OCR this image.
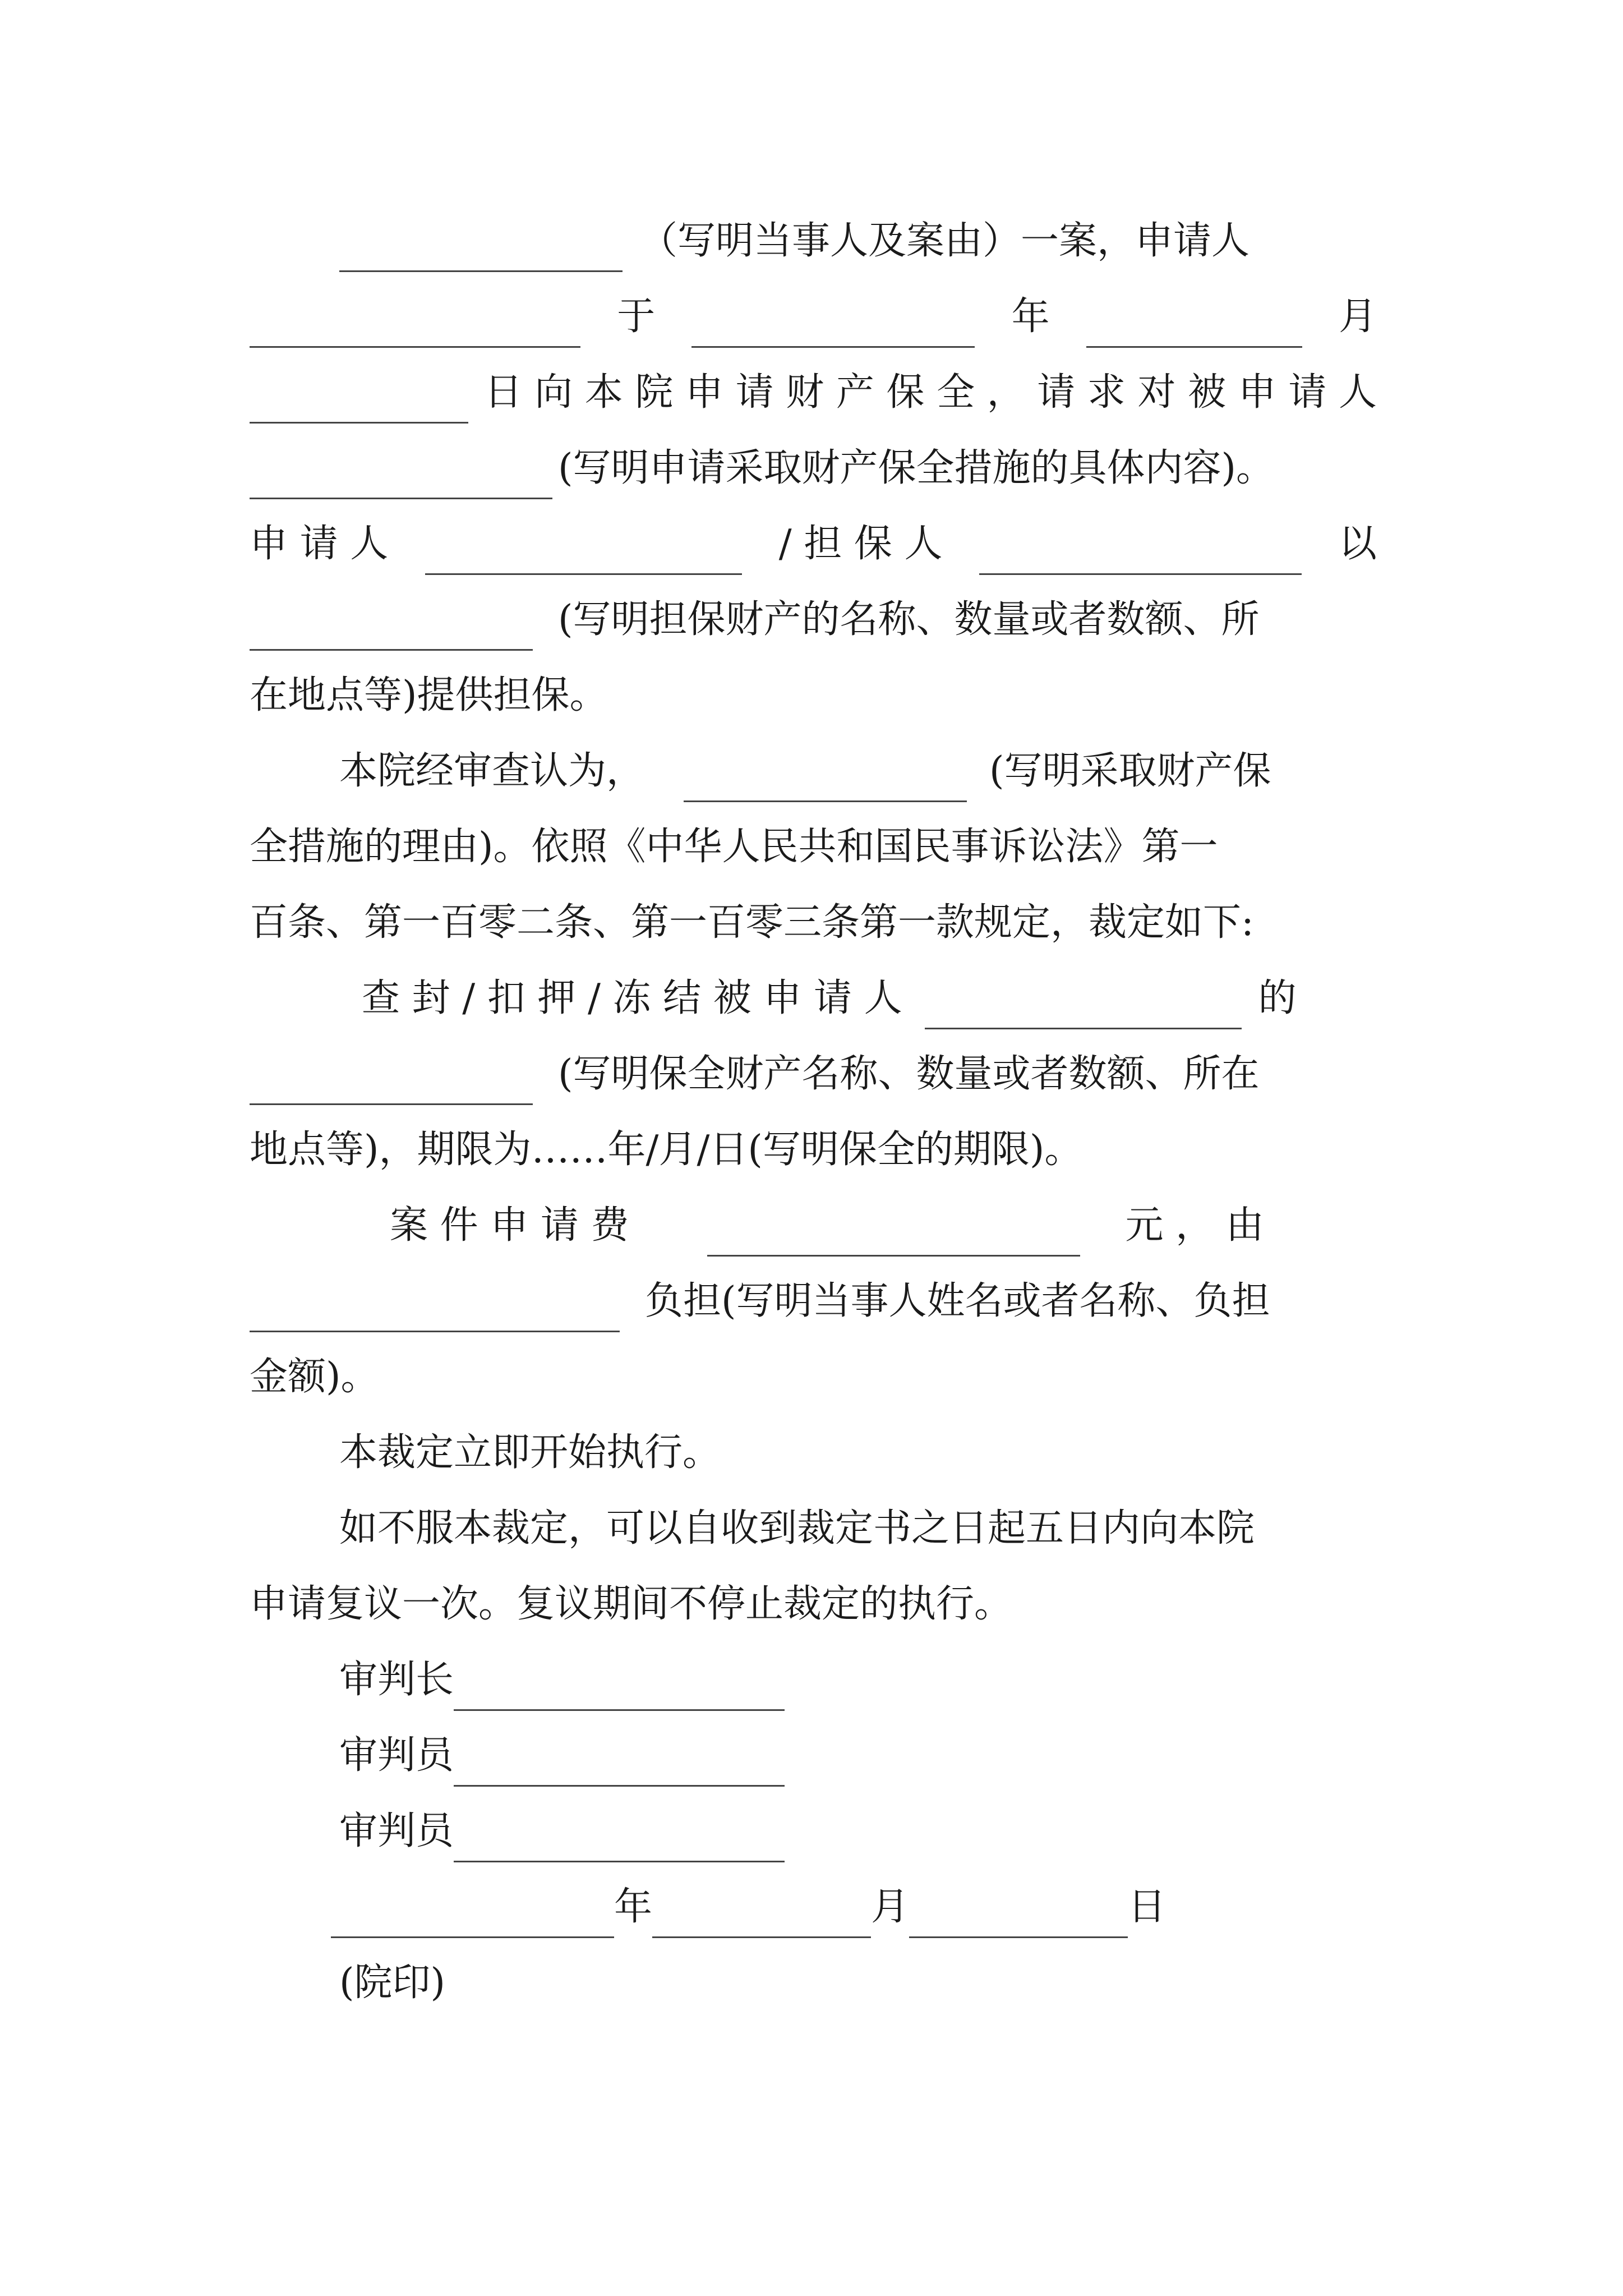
（写明当事人及案由）一案，申请人
于	年	月
日 向 本 院 申 请 财 产 保 全 ， 请 求 对 被 申 请 人
(写明申请采取财产保全措施的具体内容)。
申 请 人	/ 担 保 人	以
(写明担保财产的名称、数量或者数额、所
在地点等)提供担保。
本院经审查认为，	(写明采取财产保
全措施的理由)。依照《中华人民共和国民事诉讼法》第一
百条、第一百零二条、第一百零三条第一款规定，裁定如下:
查 封 / 扣 押 / 冻 结 被 申 请 人	的
(写明保全财产名称、数量或者数额、所在
地点等)，期限为……年/月/日(写明保全的期限)。
案 件 申 请 费	元 ， 由
负担(写明当事人姓名或者名称、负担
金额)。
本裁定立即开始执行。
如不服本裁定，可以自收到裁定书之日起五日内向本院
申请复议一次。复议期间不停止裁定的执行。
审判长
审判员
审判员
年	月	日
(院印)
